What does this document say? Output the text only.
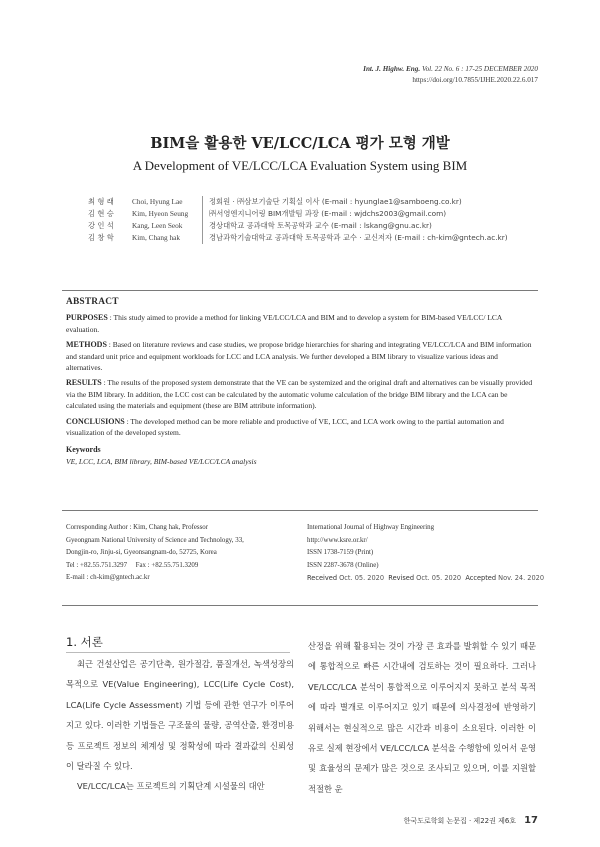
Int. J. Highw. Eng. Vol. 22 No. 6 : 17-25 DECEMBER 2020
https://doi.org/10.7855/IJHE.2020.22.6.017
BIM을 활용한 VE/LCC/LCA 평가 모형 개발
A Development of VE/LCC/LCA Evaluation System using BIM
최 형 래	Choi, Hyung Lae	정회원 · ㈜삼보기술단 기획실 이사 (E-mail : hyunglae1@samboeng.co.kr)
김 현 승	Kim, Hyeon Seung	㈜서영엔지니어링 BIM개발팀 과장 (E-mail : wjdchs2003@gmail.com)
강 인 석	Kang, Leen Seok	경상대학교 공과대학 토목공학과 교수 (E-mail : lskang@gnu.ac.kr)
김 창 학	Kim, Chang hak	경남과학기술대학교 공과대학 토목공학과 교수 · 교신저자 (E-mail : ch-kim@gntech.ac.kr)
ABSTRACT
PURPOSES : This study aimed to provide a method for linking VE/LCC/LCA and BIM and to develop a system for BIM-based VE/LCC/ LCA evaluation.
METHODS : Based on literature reviews and case studies, we propose bridge hierarchies for sharing and integrating VE/LCC/LCA and BIM information and standard unit price and equipment workloads for LCC and LCA analysis. We further developed a BIM library to visualize various ideas and alternatives.
RESULTS : The results of the proposed system demonstrate that the VE can be systemized and the original draft and alternatives can be visually provided via the BIM library. In addition, the LCC cost can be calculated by the automatic volume calculation of the bridge BIM library and the LCA can be calculated using the materials and equipment (these are BIM attribute information).
CONCLUSIONS : The developed method can be more reliable and productive of VE, LCC, and LCA work owing to the partial automation and visualization of the developed system.
Keywords
VE, LCC, LCA, BIM library, BIM-based VE/LCC/LCA analysis
Corresponding Author : Kim, Chang hak, Professor
Gyeongnam National University of Science and Technology, 33,
Dongjin-ro, Jinju-si, Gyeonsangnam-do, 52725, Korea
Tel : +82.55.751.3297     Fax : +82.55.751.3209
E-mail : ch-kim@gntech.ac.kr
International Journal of Highway Engineering
http://www.ksre.or.kr/
ISSN 1738-7159 (Print)
ISSN 2287-3678 (Online)
Received Oct. 05. 2020 Revised Oct. 05. 2020 Accepted Nov. 24. 2020
1. 서론
최근 건설산업은 공기단축, 원가절감, 품질개선, 녹색성장의 목적으로 VE(Value Engineering), LCC(Life Cycle Cost), LCA(Life Cycle Assessment) 기법 등에 관한 연구가 이루어지고 있다. 이러한 기법들은 구조물의 물량, 공역산출, 환경비용 등 프로젝트 정보의 체계성 및 정확성에 따라 결과값의 신뢰성이 달라질 수 있다.
VE/LCC/LCA는 프로젝트의 기획단계 시설물의 대안
산정을 위해 활용되는 것이 가장 큰 효과를 발휘할 수 있기 때문에 통합적으로 빠른 시간내에 검토하는 것이 필요하다. 그러나 VE/LCC/LCA 분석이 통합적으로 이루어지지 못하고 분석 목적에 따라 별개로 이루어지고 있기 때문에 의사결정에 반영하기 위해서는 현실적으로 많은 시간과 비용이 소요된다. 이러한 이유로 실제 현장에서 VE/LCC/LCA 분석을 수행함에 있어서 운영 및 효율성의 문제가 많은 것으로 조사되고 있으며, 이를 지원할 적절한 운
한국도로학회 논문집 · 제22권 제6호 17
